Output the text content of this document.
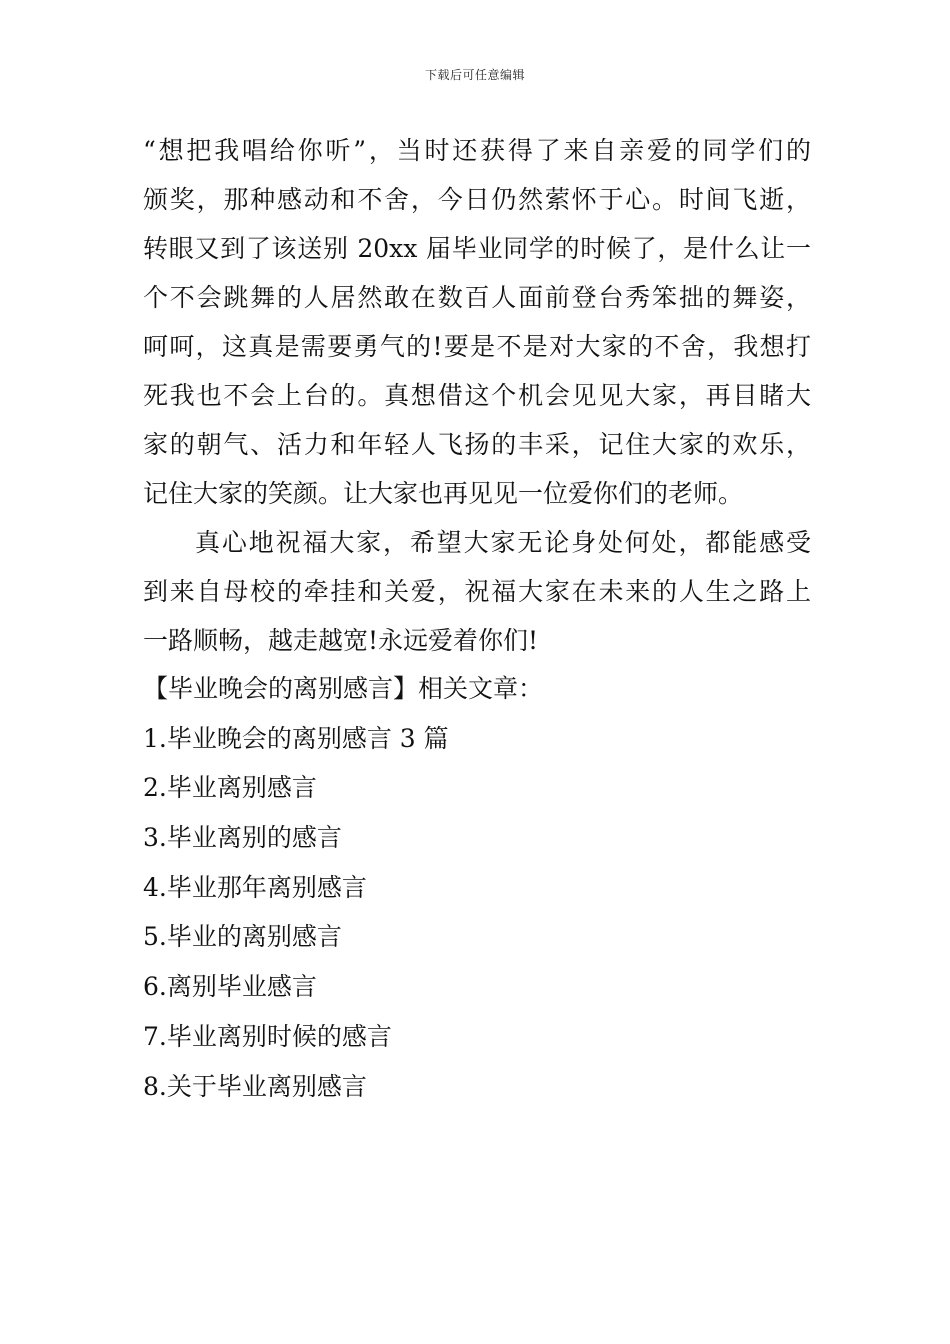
下载后可任意编辑
“想把我唱给你听”，当时还获得了来自亲爱的同学们的
颁奖，那种感动和不舍，今日仍然萦怀于心。时间飞逝，
转眼又到了该送别 20xx 届毕业同学的时候了，是什么让一
个不会跳舞的人居然敢在数百人面前登台秀笨拙的舞姿，
呵呵，这真是需要勇气的!要是不是对大家的不舍，我想打
死我也不会上台的。真想借这个机会见见大家，再目睹大
家的朝气、活力和年轻人飞扬的丰采，记住大家的欢乐，
记住大家的笑颜。让大家也再见见一位爱你们的老师。
真心地祝福大家，希望大家无论身处何处，都能感受
到来自母校的牵挂和关爱，祝福大家在未来的人生之路上
一路顺畅，越走越宽!永远爱着你们!
【毕业晚会的离别感言】相关文章：
1.毕业晚会的离别感言 3 篇
2.毕业离别感言
3.毕业离别的感言
4.毕业那年离别感言
5.毕业的离别感言
6.离别毕业感言
7.毕业离别时候的感言
8.关于毕业离别感言
